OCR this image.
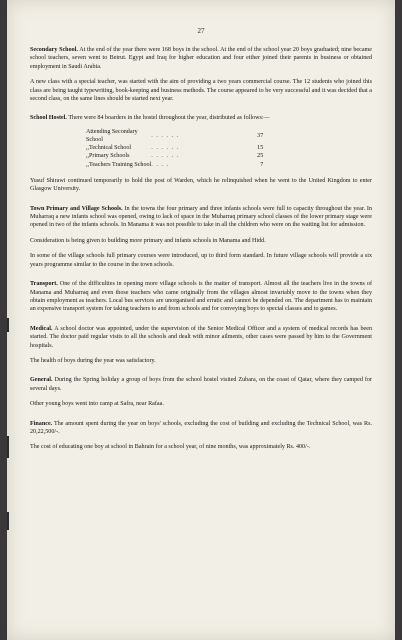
27

Secondary School. At the end of the year there were 168 boys in the school. At the end of the school year 20 boys graduated; nine became school teachers, seven went to Beirut. Egypt and Iraq for higher education and four either joined their parents in business or obtained employment in Saudi Arabia.

A new class with a special teacher, was started with the aim of providing a two years commercial course. The 12 students who joined this class are being taught typewriting, book-keeping and business methods. The course appeared to be very successful and it was decided that a second class, on the same lines should be started next year.

School Hostel. There were 84 boarders in the hostel throughout the year, distributed as follows:—

Attending Secondary School		. . . . . .	37
,,	Technical School	. . . . . .	15
,,	Primary Schools	. . . . . .	25
,,	Teachers Training School	. . . .	7

Yusuf Shirawi continued temporarily to hold the post of Warden, which he relinquished when he went to the United Kingdom to enter Glasgow University.

Town Primary and Village Schools. In the towns the four primary and three infants schools were full to capacity throughout the year. In Muharraq a new infants school was opened, owing to lack of space in the Muharraq primary school classes of the lower primary stage were opened in two of the infants schools. In Manama it was not possible to take in all the children who were on the waiting list for admission.

Consideration is being given to building more primary and infants schools in Manama and Hidd.

In some of the village schools full primary courses were introduced, up to third form standard. In future village schools will provide a six years programme similar to the course in the town schools.

Transport. One of the difficulties in opening more village schools is the matter of transport. Almost all the teachers live in the towns of Manama and Muharraq and even those teachers who came originally from the villages almost invariably move to the towns when they obtain employment as teachers. Local bus services are unorganised and erratic and cannot be depended on. The department has to maintain an expensive transport system for taking teachers to and from schools and for conveying boys to special classes and to games.

Medical. A school doctor was appointed, under the supervision of the Senior Medical Officer and a system of medical records has been started. The doctor paid regular visits to all the schools and dealt with minor ailments, other cases were passed by him to the Government hospitals.

The health of boys during the year was satisfactory.

General. During the Spring holiday a group of boys from the school hostel visited Zubara, on the coast of Qatar, where they camped for several days.

Other young boys went into camp at Safra, near Rafaa.

Finance. The amount spent during the year on boys' schools, excluding the cost of building and excluding the Technical School, was Rs. 20,22,500/-.

The cost of educating one boy at school in Bahrain for a school year, of nine months, was approximately Rs. 400/-.
